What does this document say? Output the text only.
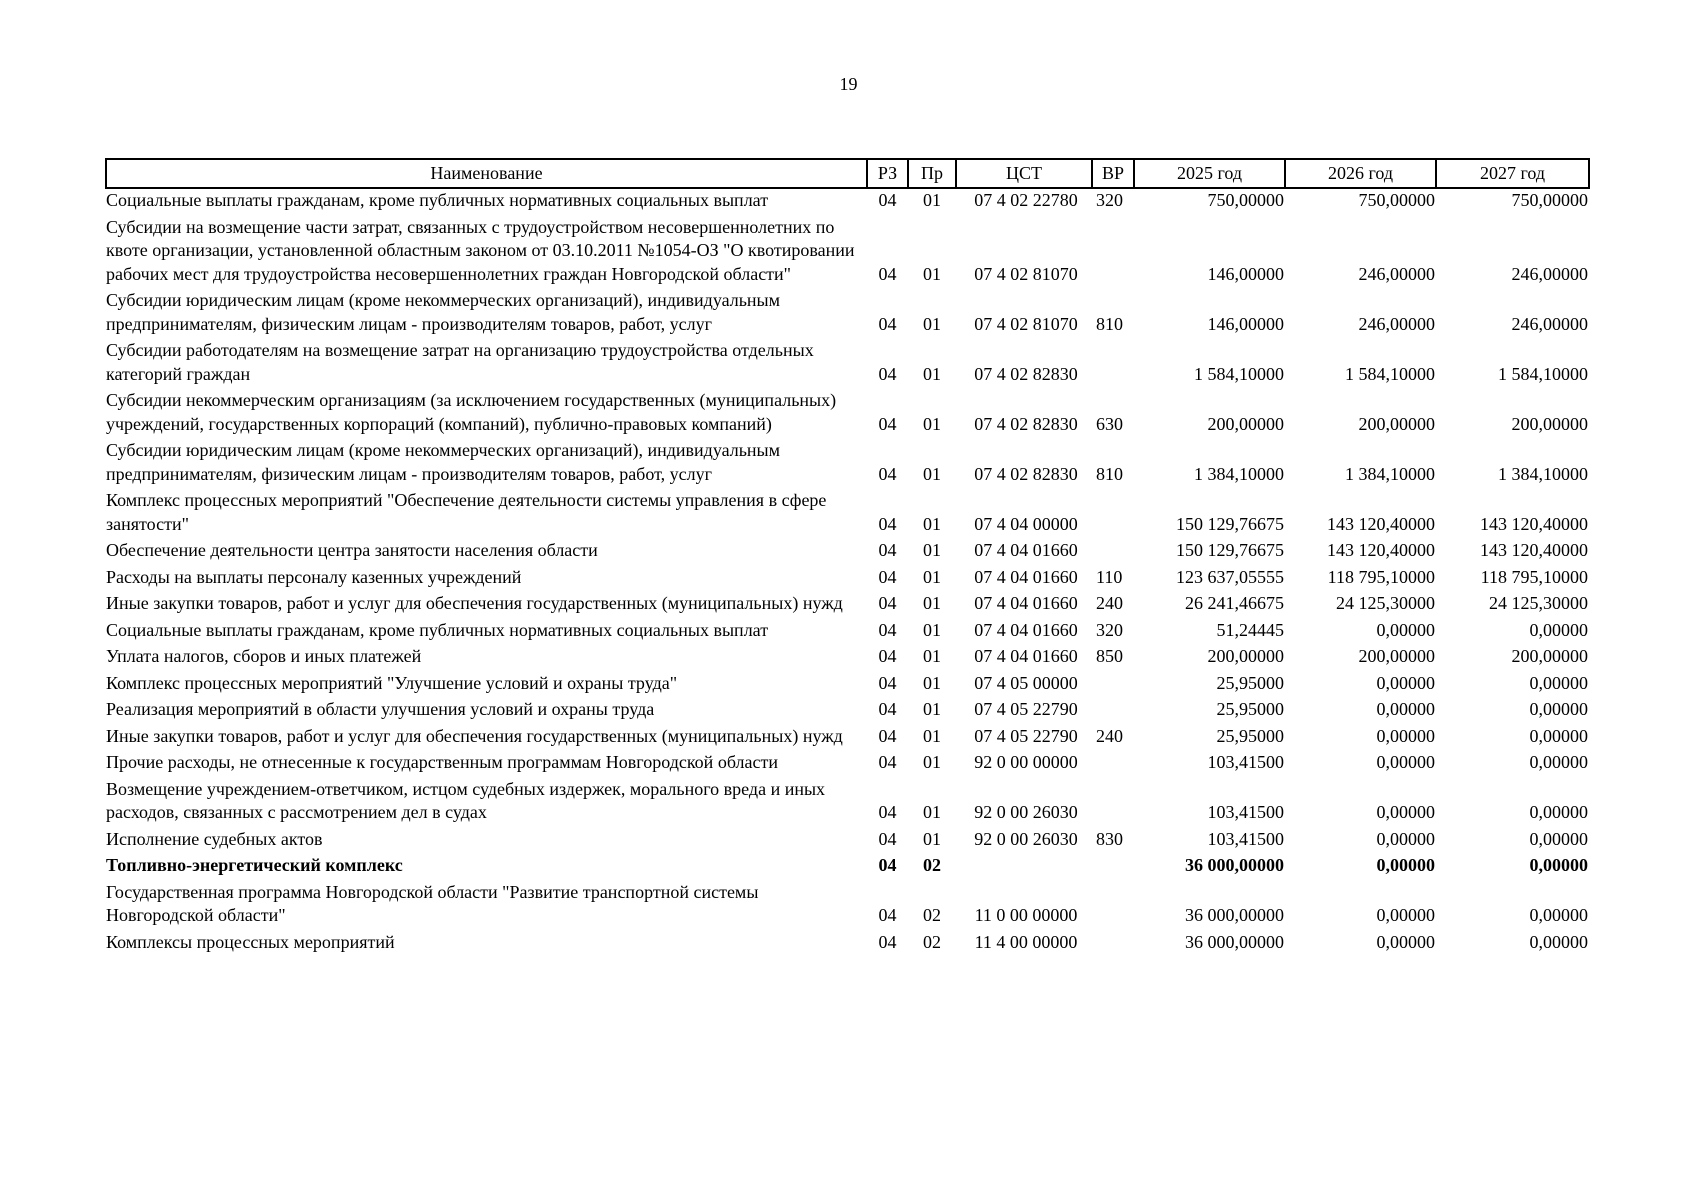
19
Наименование	РЗ	Пр	ЦСТ	ВР	2025 год	2026 год	2027 год
Социальные выплаты гражданам, кроме публичных нормативных социальных выплат	04	01	07 4 02 22780	320	750,00000	750,00000	750,00000
Субсидии на возмещение части затрат, связанных с трудоустройством несовершеннолетних по квоте организации, установленной областным законом от 03.10.2011 №1054-ОЗ "О квотировании рабочих мест для трудоустройства несовершеннолетних граждан Новгородской области"	04	01	07 4 02 81070		146,00000	246,00000	246,00000
Субсидии юридическим лицам (кроме некоммерческих организаций), индивидуальным предпринимателям, физическим лицам - производителям товаров, работ, услуг	04	01	07 4 02 81070	810	146,00000	246,00000	246,00000
Субсидии работодателям на возмещение затрат на организацию трудоустройства отдельных категорий граждан	04	01	07 4 02 82830		1 584,10000	1 584,10000	1 584,10000
Субсидии некоммерческим организациям (за исключением государственных (муниципальных) учреждений, государственных корпораций (компаний), публично-правовых компаний)	04	01	07 4 02 82830	630	200,00000	200,00000	200,00000
Субсидии юридическим лицам (кроме некоммерческих организаций), индивидуальным предпринимателям, физическим лицам - производителям товаров, работ, услуг	04	01	07 4 02 82830	810	1 384,10000	1 384,10000	1 384,10000
Комплекс процессных мероприятий "Обеспечение деятельности системы управления в сфере занятости"	04	01	07 4 04 00000		150 129,76675	143 120,40000	143 120,40000
Обеспечение деятельности центра занятости населения области	04	01	07 4 04 01660		150 129,76675	143 120,40000	143 120,40000
Расходы на выплаты персоналу казенных учреждений	04	01	07 4 04 01660	110	123 637,05555	118 795,10000	118 795,10000
Иные закупки товаров, работ и услуг для обеспечения государственных (муниципальных) нужд	04	01	07 4 04 01660	240	26 241,46675	24 125,30000	24 125,30000
Социальные выплаты гражданам, кроме публичных нормативных социальных выплат	04	01	07 4 04 01660	320	51,24445	0,00000	0,00000
Уплата налогов, сборов и иных платежей	04	01	07 4 04 01660	850	200,00000	200,00000	200,00000
Комплекс процессных мероприятий "Улучшение условий и охраны труда"	04	01	07 4 05 00000		25,95000	0,00000	0,00000
Реализация мероприятий в области улучшения условий и охраны труда	04	01	07 4 05 22790		25,95000	0,00000	0,00000
Иные закупки товаров, работ и услуг для обеспечения государственных (муниципальных) нужд	04	01	07 4 05 22790	240	25,95000	0,00000	0,00000
Прочие расходы, не отнесенные к государственным программам Новгородской области	04	01	92 0 00 00000		103,41500	0,00000	0,00000
Возмещение учреждением-ответчиком, истцом судебных издержек, морального вреда и иных расходов, связанных с рассмотрением дел в судах	04	01	92 0 00 26030		103,41500	0,00000	0,00000
Исполнение судебных актов	04	01	92 0 00 26030	830	103,41500	0,00000	0,00000
Топливно-энергетический комплекс	04	02			36 000,00000	0,00000	0,00000
Государственная программа Новгородской области "Развитие транспортной системы Новгородской области"	04	02	11 0 00 00000		36 000,00000	0,00000	0,00000
Комплексы процессных мероприятий	04	02	11 4 00 00000		36 000,00000	0,00000	0,00000
